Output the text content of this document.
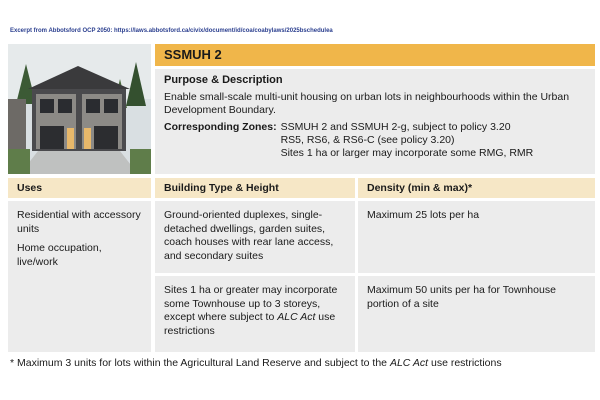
Excerpt from Abbotsford OCP 2050: https://laws.abbotsford.ca/civix/document/id/coa/coabylaws/2025bschedulea
SSMUH 2
Purpose & Description

Enable small-scale multi-unit housing on urban lots in neighbourhoods within the Urban Development Boundary.

Corresponding Zones: SSMUH 2 and SSMUH 2-g, subject to policy 3.20
RS5, RS6, & RS6-C (see policy 3.20)
Sites 1 ha or larger may incorporate some RMG, RMR
Uses	Building Type & Height	Density (min & max)*

Residential with accessory units

Home occupation, live/work

Ground-oriented duplexes, single-detached dwellings, garden suites, coach houses with rear lane access, and secondary suites
Maximum 25 lots per ha
Sites 1 ha or greater may incorporate some Townhouse up to 3 storeys, except where subject to ALC Act use restrictions
Maximum 50 units per ha for Townhouse portion of a site
* Maximum 3 units for lots within the Agricultural Land Reserve and subject to the ALC Act use restrictions
